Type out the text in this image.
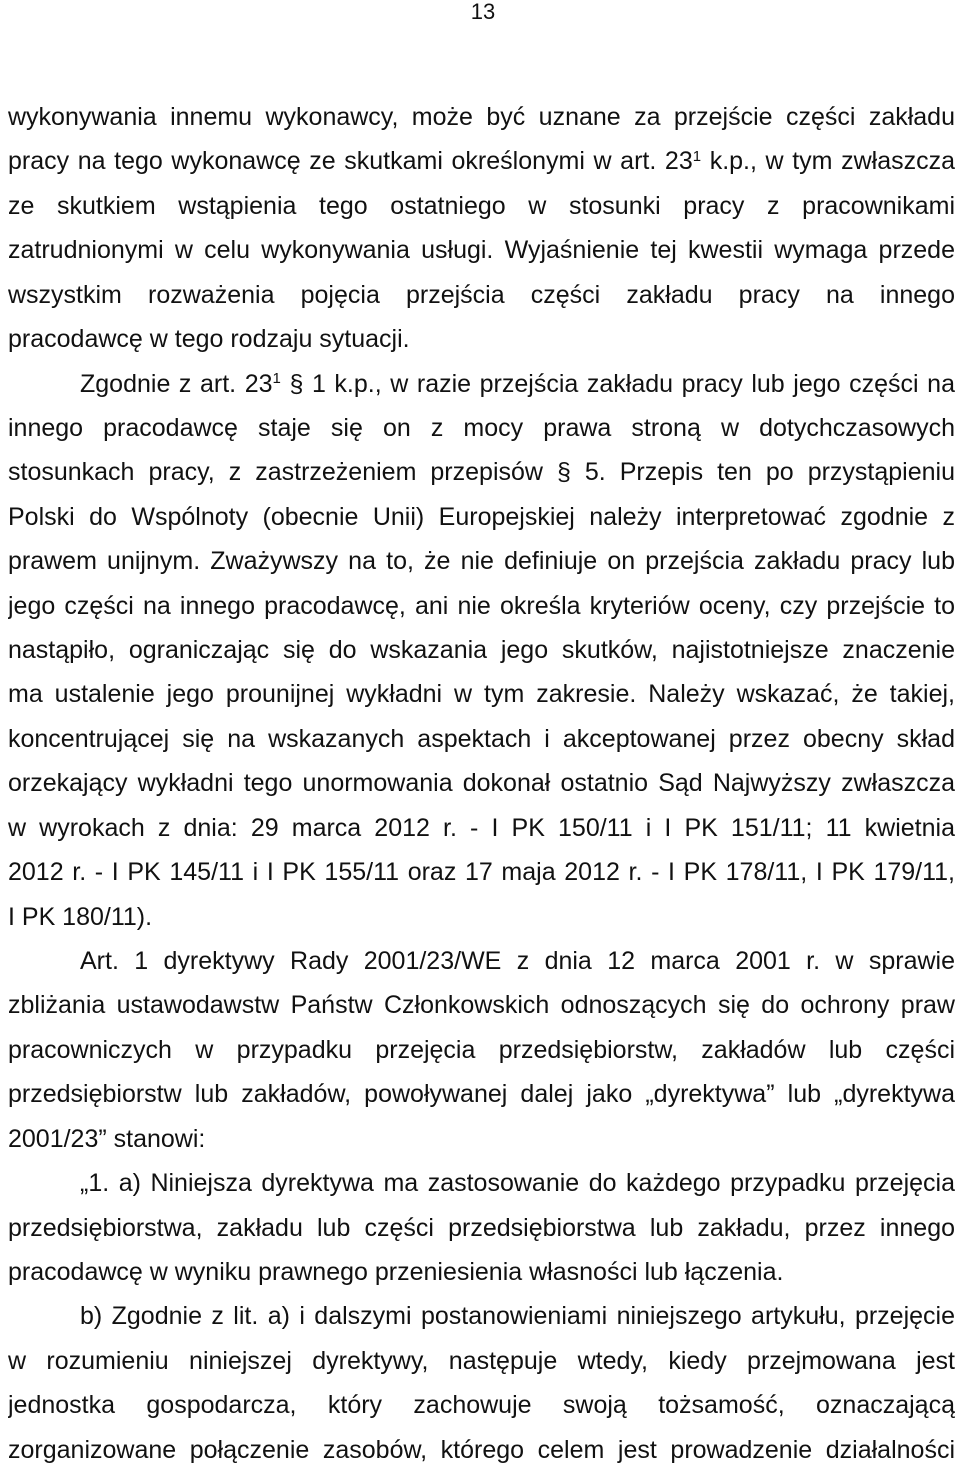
13
wykonywania innemu wykonawcy, może być uznane za przejście części zakładu
pracy na tego wykonawcę ze skutkami określonymi w art. $23^1$ k.p., w tym zwłaszcza
ze skutkiem wstąpienia tego ostatniego w stosunki pracy z pracownikami
zatrudnionymi w celu wykonywania usługi. Wyjaśnienie tej kwestii wymaga przede
wszystkim rozważenia pojęcia przejścia części zakładu pracy na innego
pracodawcę w tego rodzaju sytuacji.
Zgodnie z art. $23^1$ § 1 k.p., w razie przejścia zakładu pracy lub jego części na
innego pracodawcę staje się on z mocy prawa stroną w dotychczasowych
stosunkach pracy, z zastrzeżeniem przepisów § 5. Przepis ten po przystąpieniu
Polski do Wspólnoty (obecnie Unii) Europejskiej należy interpretować zgodnie z
prawem unijnym. Zważywszy na to, że nie definiuje on przejścia zakładu pracy lub
jego części na innego pracodawcę, ani nie określa kryteriów oceny, czy przejście to
nastąpiło, ograniczając się do wskazania jego skutków, najistotniejsze znaczenie
ma ustalenie jego prounijnej wykładni w tym zakresie. Należy wskazać, że takiej,
koncentrującej się na wskazanych aspektach i akceptowanej przez obecny skład
orzekający wykładni tego unormowania dokonał ostatnio Sąd Najwyższy zwłaszcza
w wyrokach z dnia: 29 marca 2012 r. - I PK 150/11 i I PK 151/11; 11 kwietnia
2012 r. - I PK 145/11 i I PK 155/11 oraz 17 maja 2012 r. - I PK 178/11, I PK 179/11,
I PK 180/11).
Art. 1 dyrektywy Rady 2001/23/WE z dnia 12 marca 2001 r. w sprawie
zbliżania ustawodawstw Państw Członkowskich odnoszących się do ochrony praw
pracowniczych w przypadku przejęcia przedsiębiorstw, zakładów lub części
przedsiębiorstw lub zakładów, powoływanej dalej jako „dyrektywa” lub „dyrektywa
2001/23” stanowi:
„1. a) Niniejsza dyrektywa ma zastosowanie do każdego przypadku przejęcia
przedsiębiorstwa, zakładu lub części przedsiębiorstwa lub zakładu, przez innego
pracodawcę w wyniku prawnego przeniesienia własności lub łączenia.
b) Zgodnie z lit. a) i dalszymi postanowieniami niniejszego artykułu, przejęcie
w rozumieniu niniejszej dyrektywy, następuje wtedy, kiedy przejmowana jest
jednostka gospodarcza, który zachowuje swoją tożsamość, oznaczającą
zorganizowane połączenie zasobów, którego celem jest prowadzenie działalności
